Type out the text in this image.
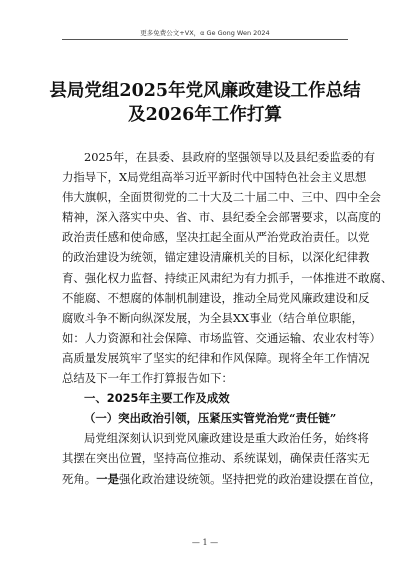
更多免费公文+VX，α Ge Gong Wen 2024
县局党组2025年党风廉政建设工作总结
及2026年工作打算
2025年，在县委、县政府的坚强领导以及县纪委监委的有
力指导下，X局党组高举习近平新时代中国特色社会主义思想
伟大旗帜，全面贯彻党的二十大及二十届二中、三中、四中全会
精神，深入落实中央、省、市、县纪委全会部署要求，以高度的
政治责任感和使命感，坚决扛起全面从严治党政治责任。以党
的政治建设为统领，锚定建设清廉机关的目标，以深化纪律教
育、强化权力监督、持续正风肃纪为有力抓手，一体推进不敢腐、
不能腐、不想腐的体制机制建设，推动全局党风廉政建设和反
腐败斗争不断向纵深发展，为全县XX事业（结合单位职能，
如：人力资源和社会保障、市场监管、交通运输、农业农村等）
高质量发展筑牢了坚实的纪律和作风保障。现将全年工作情况
总结及下一年工作打算报告如下：
一、2025年主要工作及成效
（一）突出政治引领，压紧压实管党治党“责任链”
局党组深刻认识到党风廉政建设是重大政治任务，始终将
其摆在突出位置，坚持高位推动、系统谋划，确保责任落实无
死角。一是强化政治建设统领。坚持把党的政治建设摆在首位，
— 1 —
